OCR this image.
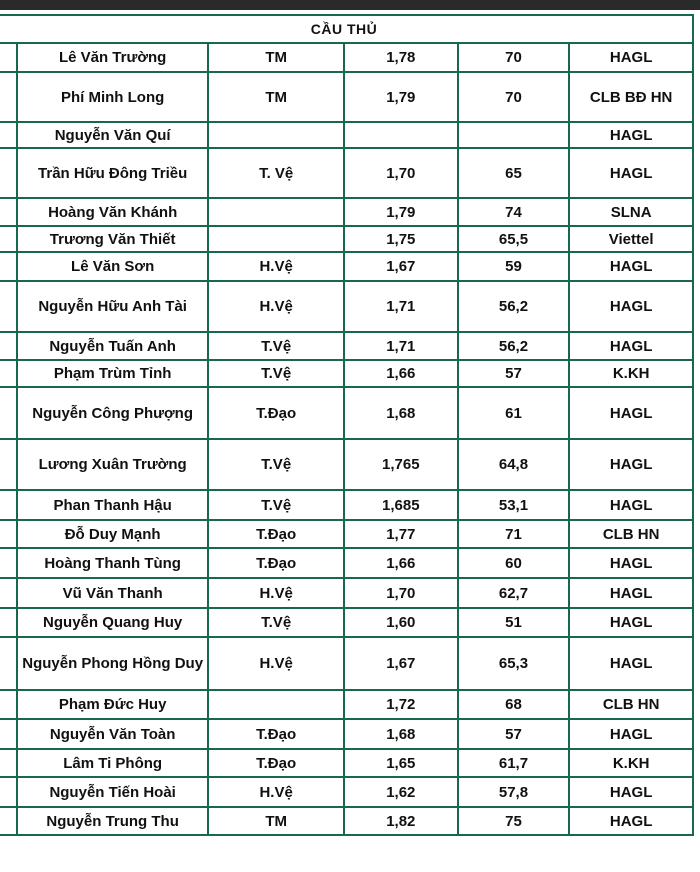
CẦU THỦ					
	Lê Văn Trường	TM	1,78	70	HAGL
	Phí Minh Long	TM	1,79	70	CLB BĐ HN
	Nguyễn Văn Quí				HAGL
	Trần Hữu Đông Triều	T. Vệ	1,70	65	HAGL
	Hoàng Văn Khánh		1,79	74	SLNA
	Trương Văn Thiết		1,75	65,5	Viettel
	Lê Văn Sơn	H.Vệ	1,67	59	HAGL
	Nguyễn Hữu Anh Tài	H.Vệ	1,71	56,2	HAGL
	Nguyễn Tuấn Anh	T.Vệ	1,71	56,2	HAGL
	Phạm Trùm Tỉnh	T.Vệ	1,66	57	K.KH
	Nguyễn Công Phượng	T.Đạo	1,68	61	HAGL
	Lương Xuân Trường	T.Vệ	1,765	64,8	HAGL
	Phan Thanh Hậu	T.Vệ	1,685	53,1	HAGL
	Đỗ Duy Mạnh	T.Đạo	1,77	71	CLB HN
	Hoàng Thanh Tùng	T.Đạo	1,66	60	HAGL
	Vũ Văn Thanh	H.Vệ	1,70	62,7	HAGL
	Nguyễn Quang Huy	T.Vệ	1,60	51	HAGL
	Nguyễn Phong Hồng Duy	H.Vệ	1,67	65,3	HAGL
	Phạm Đức Huy		1,72	68	CLB HN
	Nguyễn Văn Toàn	T.Đạo	1,68	57	HAGL
	Lâm Ti Phông	T.Đạo	1,65	61,7	K.KH
	Nguyễn Tiến Hoài	H.Vệ	1,62	57,8	HAGL
	Nguyễn Trung Thu	TM	1,82	75	HAGL
